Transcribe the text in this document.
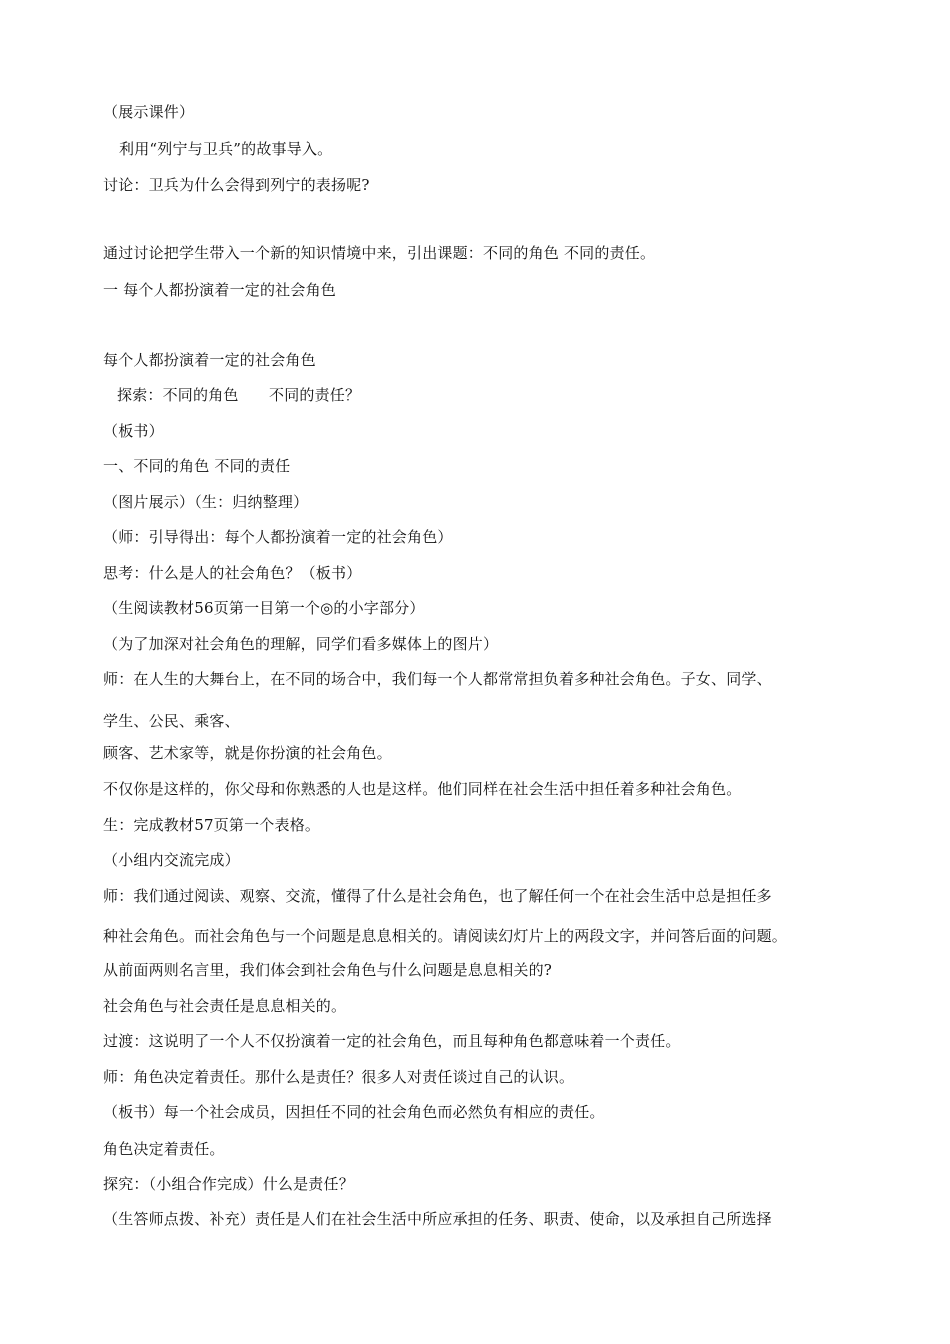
（展示课件）

利用“列宁与卫兵”的故事导入。

讨论：卫兵为什么会得到列宁的表扬呢?

通过讨论把学生带入一个新的知识情境中来，引出课题：不同的角色 不同的责任。

一 每个人都扮演着一定的社会角色

每个人都扮演着一定的社会角色

探索：不同的角色　　不同的责任？

（板书）

一、不同的角色 不同的责任

（图片展示）（生：归纳整理）

（师：引导得出：每个人都扮演着一定的社会角色）

思考：什么是人的社会角色？（板书）

（生阅读教材56页第一目第一个◎的小字部分）

（为了加深对社会角色的理解，同学们看多媒体上的图片）

师：在人生的大舞台上，在不同的场合中，我们每一个人都常常担负着多种社会角色。子女、同学、

学生、公民、乘客、

顾客、艺术家等，就是你扮演的社会角色。

不仅你是这样的，你父母和你熟悉的人也是这样。他们同样在社会生活中担任着多种社会角色。

生：完成教材57页第一个表格。

（小组内交流完成）

师：我们通过阅读、观察、交流，懂得了什么是社会角色，也了解任何一个在社会生活中总是担任多

种社会角色。而社会角色与一个问题是息息相关的。请阅读幻灯片上的两段文字，并问答后面的问题。

从前面两则名言里，我们体会到社会角色与什么问题是息息相关的?

社会角色与社会责任是息息相关的。

过渡：这说明了一个人不仅扮演着一定的社会角色，而且每种角色都意味着一个责任。

师：角色决定着责任。那什么是责任？很多人对责任谈过自己的认识。

（板书）每一个社会成员，因担任不同的社会角色而必然负有相应的责任。

角色决定着责任。

探究：（小组合作完成）什么是责任？

（生答师点拨、补充）责任是人们在社会生活中所应承担的任务、职责、使命，以及承担自己所选择
